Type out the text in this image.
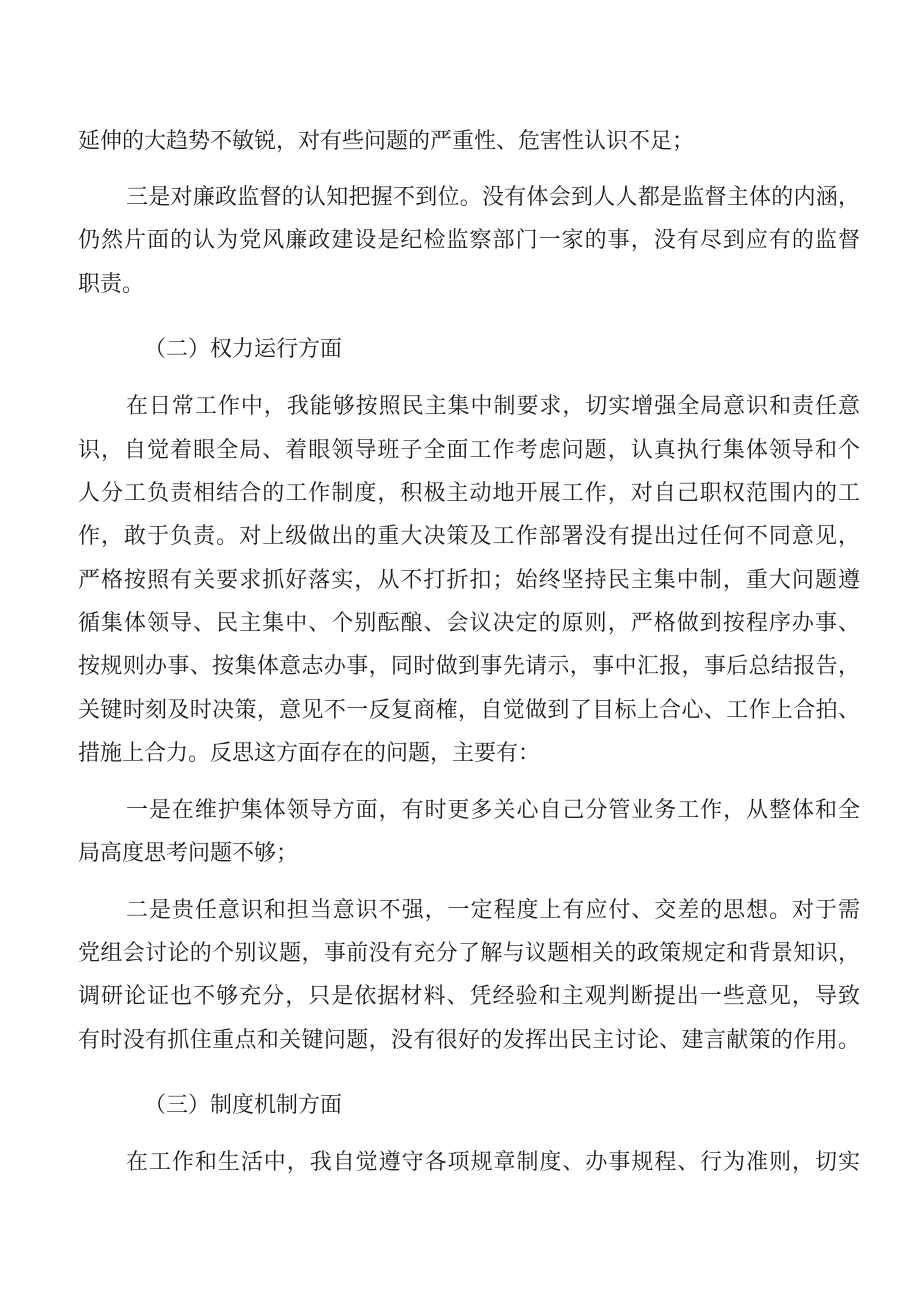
延伸的大趋势不敏锐，对有些问题的严重性、危害性认识不足；
三是对廉政监督的认知把握不到位。没有体会到人人都是监督主体的内涵，
仍然片面的认为党风廉政建设是纪检监察部门一家的事，没有尽到应有的监督
职责。
（二）权力运行方面
在日常工作中，我能够按照民主集中制要求，切实增强全局意识和责任意
识，自觉着眼全局、着眼领导班子全面工作考虑问题，认真执行集体领导和个
人分工负责相结合的工作制度，积极主动地开展工作，对自己职权范围内的工
作，敢于负责。对上级做出的重大决策及工作部署没有提出过任何不同意见，
严格按照有关要求抓好落实，从不打折扣；始终坚持民主集中制，重大问题遵
循集体领导、民主集中、个别酝酿、会议决定的原则，严格做到按程序办事、
按规则办事、按集体意志办事，同时做到事先请示，事中汇报，事后总结报告，
关键时刻及时决策，意见不一反复商榷，自觉做到了目标上合心、工作上合拍、
措施上合力。反思这方面存在的问题，主要有：
一是在维护集体领导方面，有时更多关心自己分管业务工作，从整体和全
局高度思考问题不够；
二是贵任意识和担当意识不强，一定程度上有应付、交差的思想。对于需
党组会讨论的个别议题，事前没有充分了解与议题相关的政策规定和背景知识，
调研论证也不够充分，只是依据材料、凭经验和主观判断提出一些意见，导致
有时没有抓住重点和关键问题，没有很好的发挥出民主讨论、建言献策的作用。
（三）制度机制方面
在工作和生活中，我自觉遵守各项规章制度、办事规程、行为准则，切实
